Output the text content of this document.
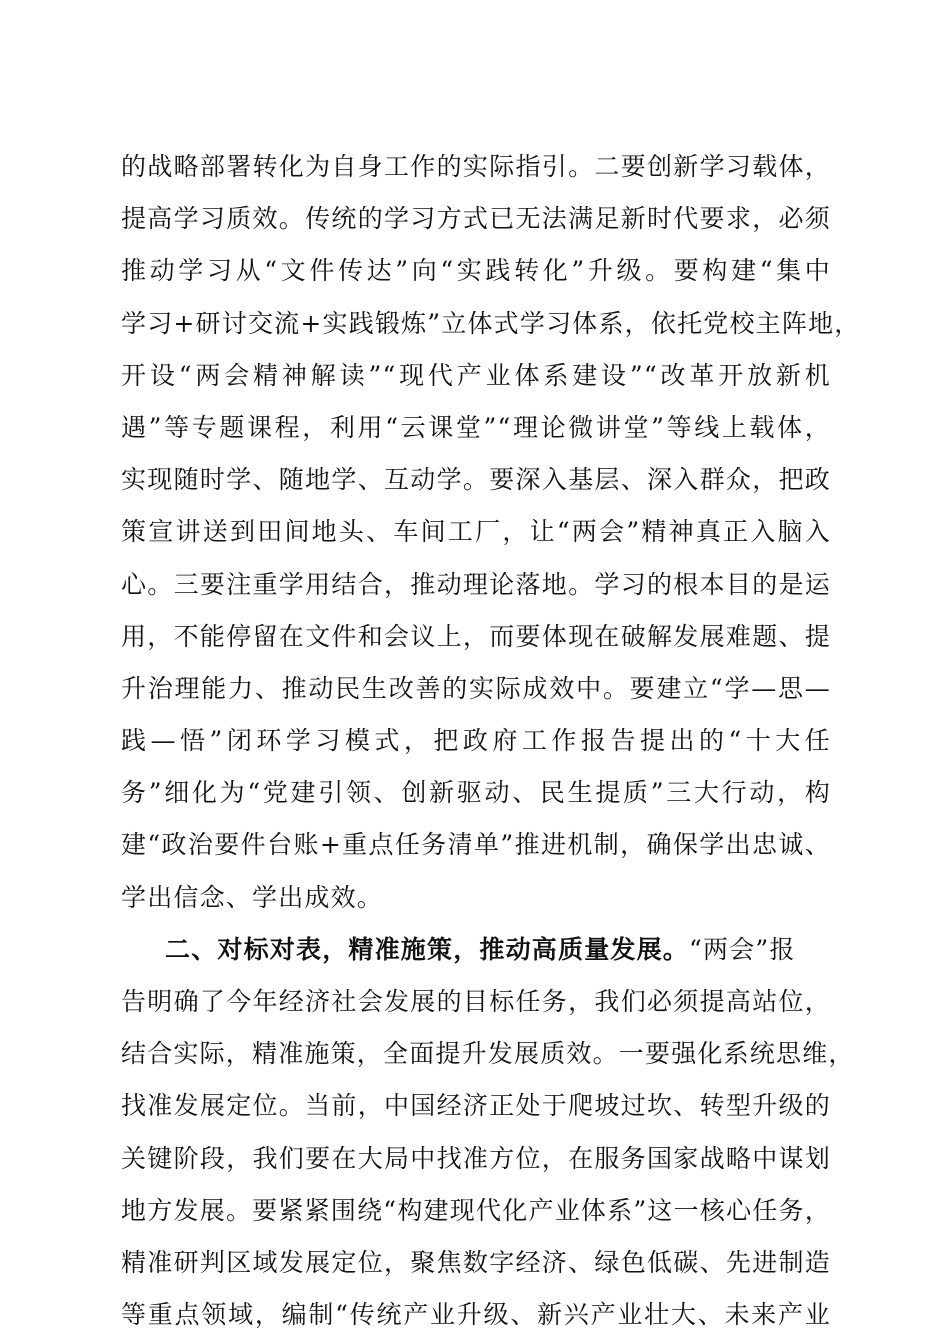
的战略部署转化为自身工作的实际指引。二要创新学习载体，
提高学习质效。传统的学习方式已无法满足新时代要求，必须
推动学习从“文件传达”向“实践转化”升级。要构建“集中
学习+研讨交流+实践锻炼”立体式学习体系，依托党校主阵地，
开设“两会精神解读”“现代产业体系建设”“改革开放新机
遇”等专题课程，利用“云课堂”“理论微讲堂”等线上载体，
实现随时学、随地学、互动学。要深入基层、深入群众，把政
策宣讲送到田间地头、车间工厂，让“两会”精神真正入脑入
心。三要注重学用结合，推动理论落地。学习的根本目的是运
用，不能停留在文件和会议上，而要体现在破解发展难题、提
升治理能力、推动民生改善的实际成效中。要建立“学—思—
践—悟”闭环学习模式，把政府工作报告提出的“十大任
务”细化为“党建引领、创新驱动、民生提质”三大行动，构
建“政治要件台账+重点任务清单”推进机制，确保学出忠诚、
学出信念、学出成效。
二、对标对表，精准施策，推动高质量发展。“两会”报
告明确了今年经济社会发展的目标任务，我们必须提高站位，
结合实际，精准施策，全面提升发展质效。一要强化系统思维，
找准发展定位。当前，中国经济正处于爬坡过坎、转型升级的
关键阶段，我们要在大局中找准方位，在服务国家战略中谋划
地方发展。要紧紧围绕“构建现代化产业体系”这一核心任务，
精准研判区域发展定位，聚焦数字经济、绿色低碳、先进制造
等重点领域，编制“传统产业升级、新兴产业壮大、未来产业
